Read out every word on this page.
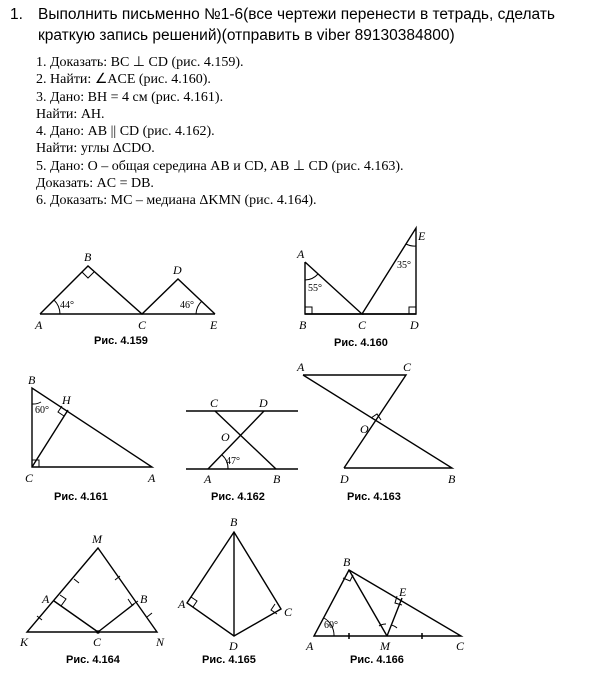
1. Выполнить письменно №1-6(все чертежи перенести в тетрадь, сделать краткую запись решений)(отправить в viber 89130384800)
1. Доказать: BC ⊥ CD (рис. 4.159).
2. Найти: ∠ACE (рис. 4.160).
3. Дано: BH = 4 см (рис. 4.161).
Найти: AH.
4. Дано: AB || CD (рис. 4.162).
Найти: углы ΔCDO.
5. Дано: O – общая середина AB и CD, AB ⊥ CD (рис. 4.163).
Доказать: AC = DB.
6. Доказать: MC – медиана ΔKMN (рис. 4.164).
B
D
A	C	E
44°	46°
Рис. 4.159
E
A
B	C	D
55°
35°
Рис. 4.160
B
H
C	A
60°
Рис. 4.161
C	D
O
A	B
47°
Рис. 4.162
A	C
O
D	B
Рис. 4.163
M
A	B
K	C	N
Рис. 4.164
B
A
C
D
Рис. 4.165
B
E
A	M	C
60°
Рис. 4.166
